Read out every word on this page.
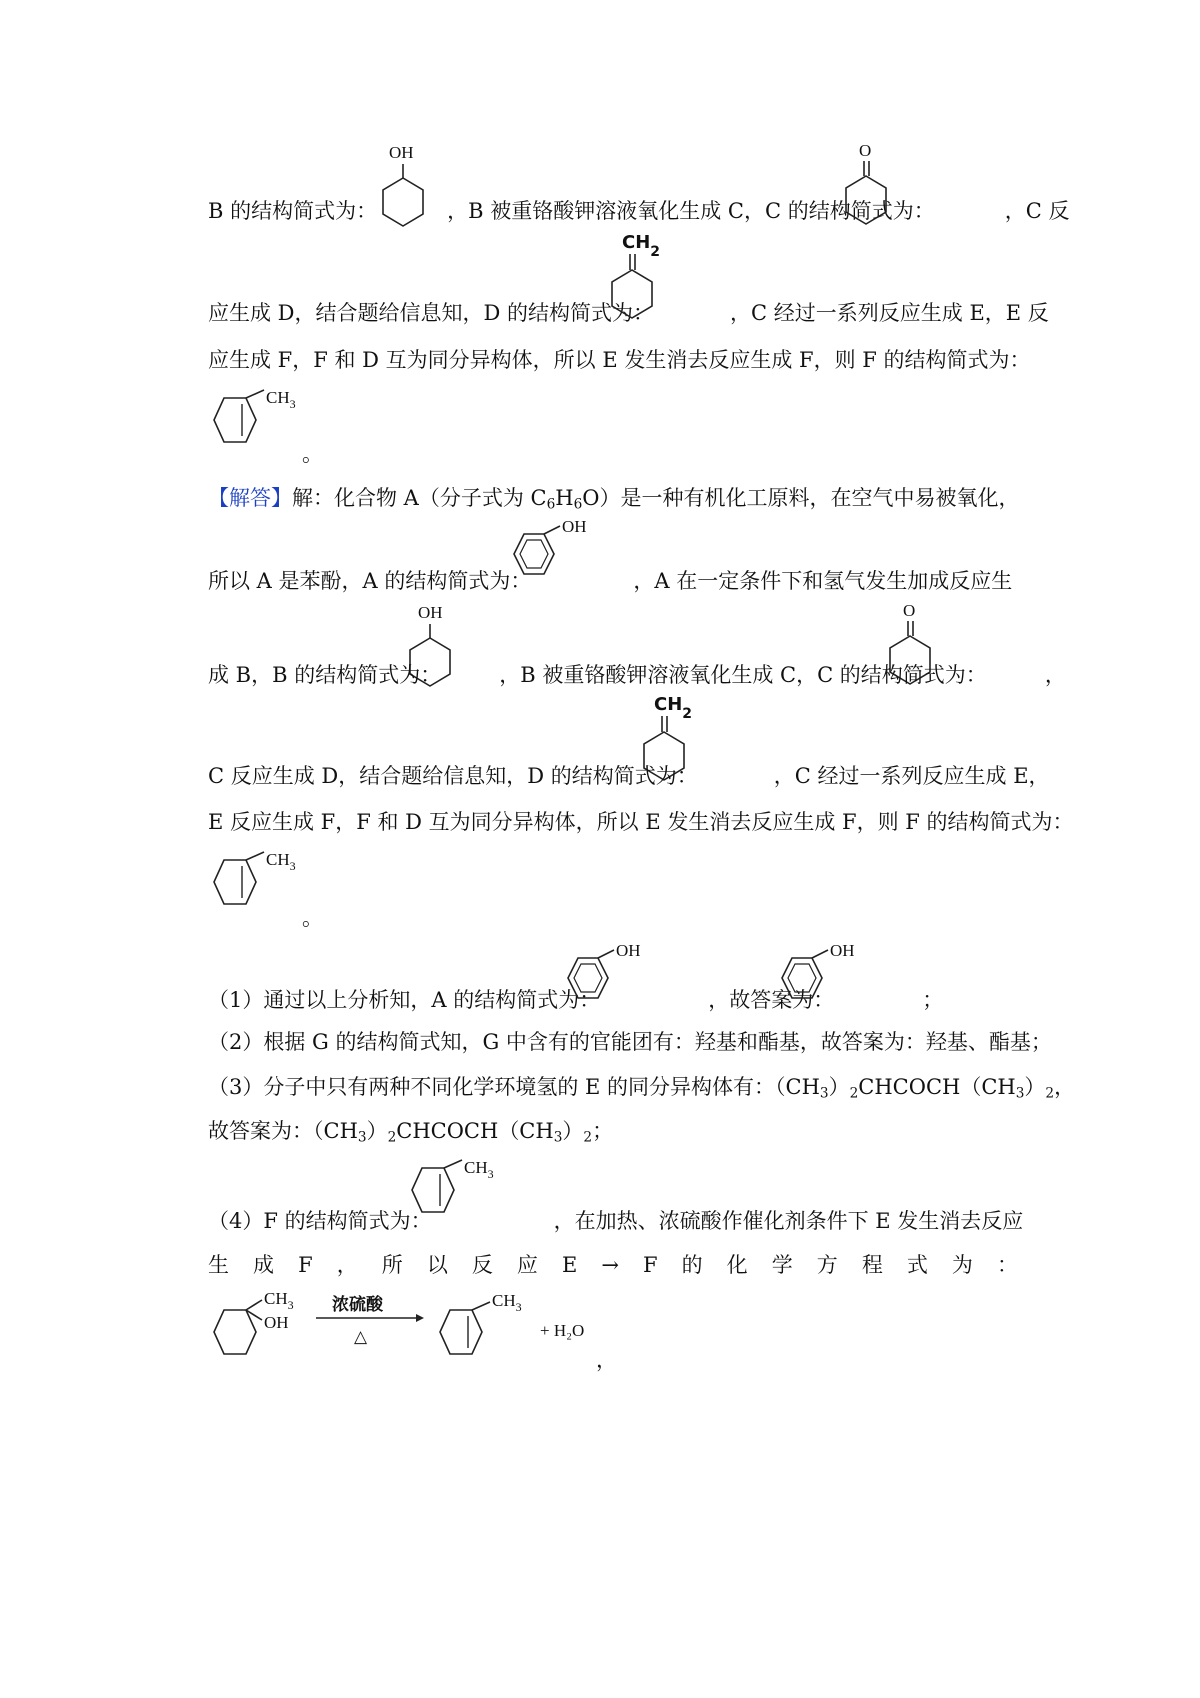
B 的结构简式为：	，B 被重铬酸钾溶液氧化生成 C，C 的结构简式为：	，C 反
OH	O
应生成 D，结合题给信息知，D 的结构简式为：	，C 经过一系列反应生成 E，E 反
$CH_2$
应生成 F，F 和 D 互为同分异构体，所以 E 发生消去反应生成 F，则 F 的结构简式为：
$CH_3$
。
【解答】解：化合物 A（分子式为 $C_6H_6O$）是一种有机化工原料，在空气中易被氧化，
OH
所以 A 是苯酚，A 的结构简式为：	，A 在一定条件下和氢气发生加成反应生
OH	O
成 B，B 的结构简式为：	，B 被重铬酸钾溶液氧化生成 C，C 的结构简式为：	，
$CH_2$
C 反应生成 D，结合题给信息知，D 的结构简式为：	，C 经过一系列反应生成 E，
E 反应生成 F，F 和 D 互为同分异构体，所以 E 发生消去反应生成 F，则 F 的结构简式为：
$CH_3$
。
（1）通过以上分析知，A 的结构简式为：	，故答案为：	；
OH	OH
（2）根据 G 的结构简式知，G 中含有的官能团有：羟基和酯基，故答案为：羟基、酯基；
（3）分子中只有两种不同化学环境氢的 E 的同分异构体有：$(CH_3)_2CHCOCH(CH_3)_2$，
故答案为：$(CH_3)_2CHCOCH(CH_3)_2$；
$CH_3$
（4）F 的结构简式为：	，在加热、浓硫酸作催化剂条件下 E 发生消去反应
生 成 F ， 所 以 反 应 E → F 的 化 学 方 程 式 为 ：
$CH_3$
OH
浓硫酸
△
$CH_3$
+ H₂O
，
